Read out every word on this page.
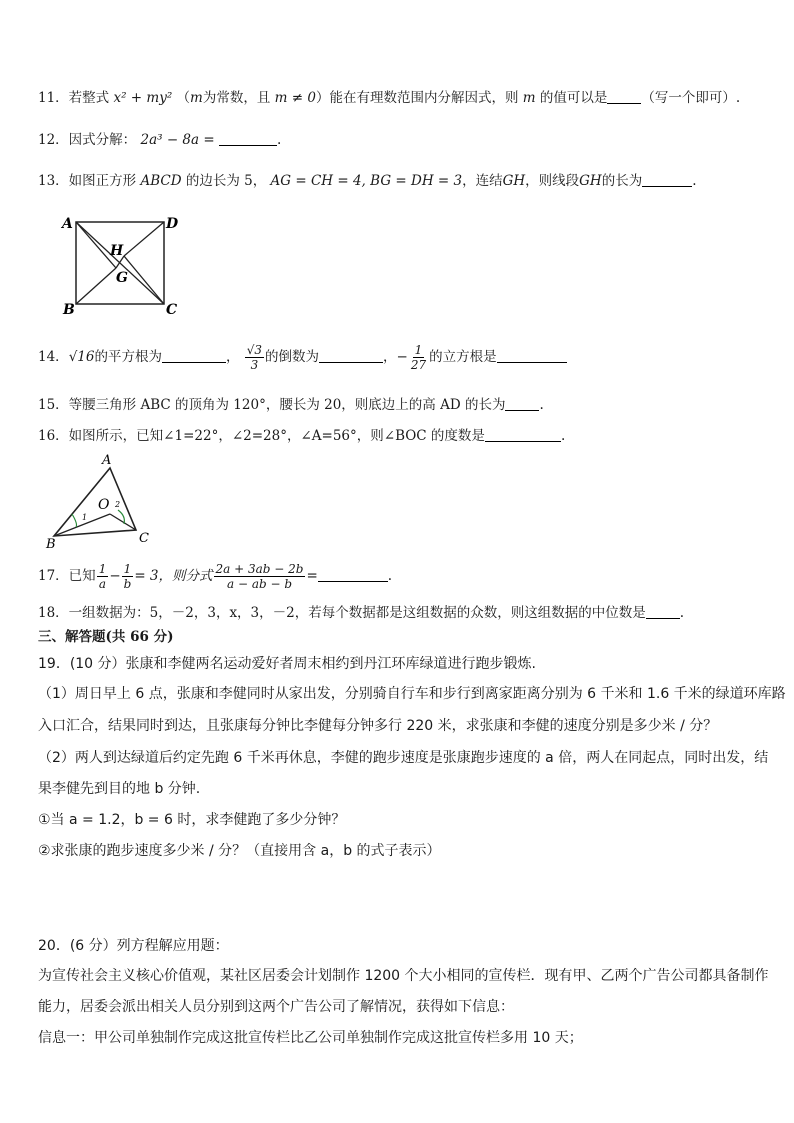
11．若整式 x² + my² （m为常数，且 m ≠ 0）能在有理数范围内分解因式，则 m 的值可以是	（写一个即可）.
12．因式分解： 2a³ − 8a =	.
13．如图正方形 ABCD 的边长为 5， AG = CH = 4, BG = DH = 3，连结GH，则线段GH的长为	.
A	D
B	C
G
H
14．√16的平方根为	， $\frac{√3}{3}$ 的倒数为	，− $\frac{1}{27}$ 的立方根是
15．等腰三角形 ABC 的顶角为 120°，腰长为 20，则底边上的高 AD 的长为	.
16．如图所示，已知∠1=22°，∠2=28°，∠A=56°，则∠BOC 的度数是	.
A
B	C
O
1
2
17．已知 $\frac{1}{a} - \frac{1}{b} = 3$，则分式 $\frac{2a + 3ab - 2b}{a - ab - b}$ =	.
18．一组数据为：5，－2，3，x，3，－2，若每个数据都是这组数据的众数，则这组数据的中位数是	.
三、解答题(共 66 分)
19．(10 分）张康和李健两名运动爱好者周末相约到丹江环库绿道进行跑步锻炼.
（1）周日早上 6 点，张康和李健同时从家出发，分别骑自行车和步行到离家距离分别为 6 千米和 1.6 千米的绿道环库路
入口汇合，结果同时到达，且张康每分钟比李健每分钟多行 220 米，求张康和李健的速度分别是多少米 / 分？
（2）两人到达绿道后约定先跑 6 千米再休息，李健的跑步速度是张康跑步速度的 a 倍，两人在同起点，同时出发，结
果李健先到目的地 b 分钟.
①当 a = 1.2，b = 6 时，求李健跑了多少分钟？
②求张康的跑步速度多少米 / 分？（直接用含 a，b 的式子表示）
20．(6 分）列方程解应用题：
为宣传社会主义核心价值观，某社区居委会计划制作 1200 个大小相同的宣传栏．现有甲、乙两个广告公司都具备制作
能力，居委会派出相关人员分别到这两个广告公司了解情况，获得如下信息：
信息一：甲公司单独制作完成这批宣传栏比乙公司单独制作完成这批宣传栏多用 10 天；
